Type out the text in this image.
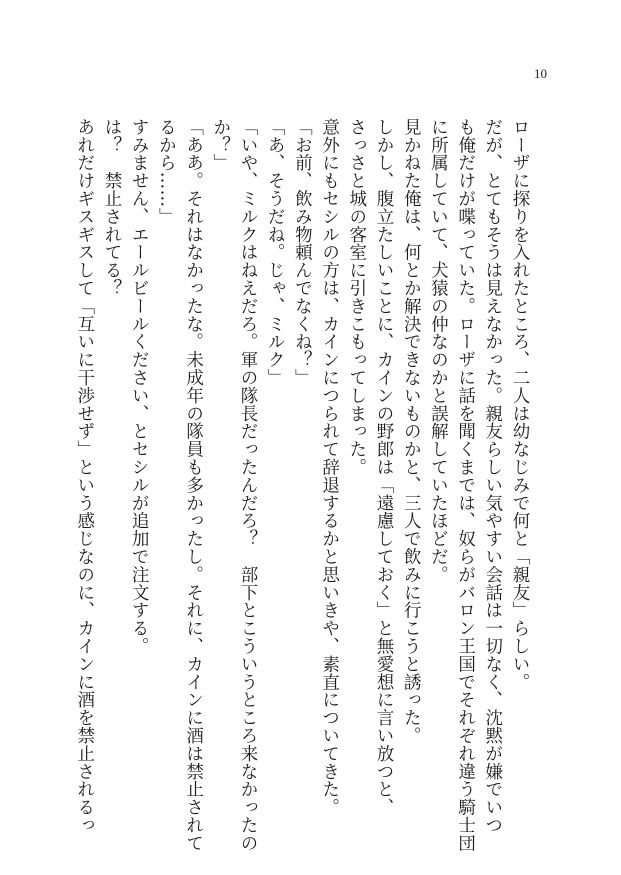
10
ローザに探りを入れたところ、二人は幼なじみで何と「親友」らしい。
だが、とてもそうは見えなかった。親友らしい気やすい会話は一切なく、沈黙が嫌でいつ
も俺だけが喋っていた。ローザに話を聞くまでは、奴らがバロン王国でそれぞれ違う騎士団
に所属していて、犬猿の仲なのかと誤解していたほどだ。
見かねた俺は、何とか解決できないものかと、三人で飲みに行こうと誘った。
しかし、腹立たしいことに、カインの野郎は「遠慮しておく」と無愛想に言い放つと、
さっさと城の客室に引きこもってしまった。
意外にもセシルの方は、カインにつられて辞退するかと思いきや、素直についてきた。
「お前、飲み物頼んでなくね？」
「あ、そうだね。じゃ、ミルク」
「いや、ミルクはねえだろ。軍の隊長だったんだろ？　部下とこういうところ来なかったの
か？」
「ああ。それはなかったな。未成年の隊員も多かったし。それに、カインに酒は禁止されて
るから……」
すみません、エールビールください、とセシルが追加で注文する。
は？　禁止されてる？
あれだけギスギスして「互いに干渉せず」という感じなのに、カインに酒を禁止されるっ
